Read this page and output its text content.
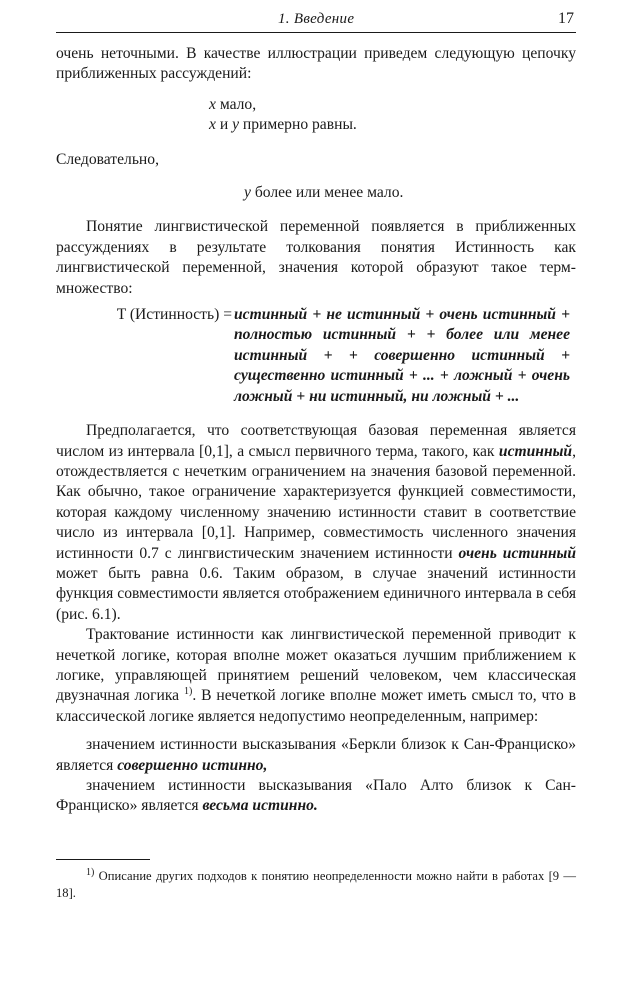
1. Введение	17

очень неточными. В качестве иллюстрации приведем следующую цепочку приближенных рассуждений:

x мало,
x и y примерно равны.

Следовательно,

y более или менее мало.

Понятие лингвистической переменной появляется в приближенных рассуждениях в результате толкования понятия Истинность как лингвистической переменной, значения которой образуют такое терм-множество:

T (Истинность) = истинный + не истинный + очень истинный + полностью истинный + + более или менее истинный + + совершенно истинный + существенно истинный + ... + ложный + очень ложный + ни истинный, ни ложный + ...

Предполагается, что соответствующая базовая переменная является числом из интервала [0,1], а смысл первичного терма, такого, как истинный, отождествляется с нечетким ограничением на значения базовой переменной. Как обычно, такое ограничение характеризуется функцией совместимости, которая каждому численному значению истинности ставит в соответствие число из интервала [0,1]. Например, совместимость численного значения истинности 0.7 с лингвистическим значением истинности очень истинный может быть равна 0.6. Таким образом, в случае значений истинности функция совместимости является отображением единичного интервала в себя (рис. 6.1).

Трактование истинности как лингвистической переменной приводит к нечеткой логике, которая вполне может оказаться лучшим приближением к логике, управляющей принятием решений человеком, чем классическая двузначная логика $^{1)}$. В нечеткой логике вполне может иметь смысл то, что в классической логике является недопустимо неопределенным, например:

значением истинности высказывания «Беркли близок к Сан-Франциско» является совершенно истинно,

значением истинности высказывания «Пало Алто близок к Сан-Франциско» является весьма истинно.

$^{1)}$ Описание других подходов к понятию неопределенности можно найти в работах [9 — 18].
